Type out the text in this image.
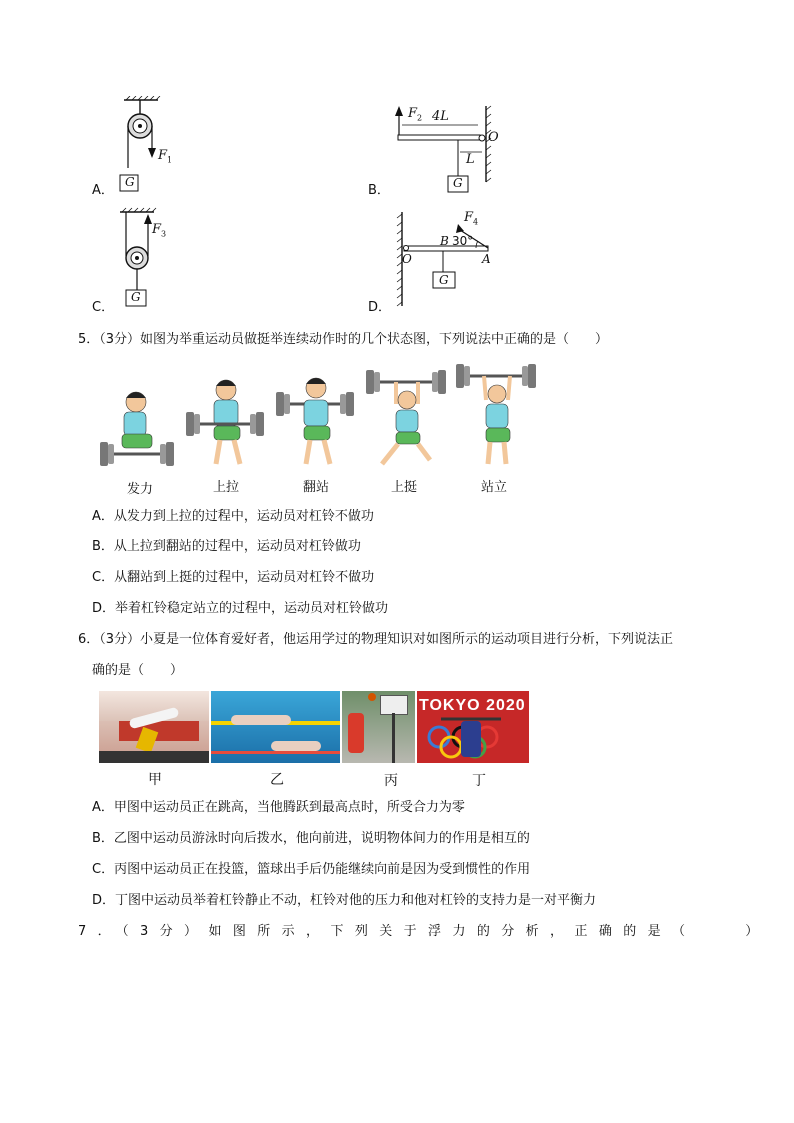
G
$F_1$
A．
$F_2$ 4L
O
L
G
B．
$F_3$
G
C．
$F_4$
B 30°
O	A
G
D．
5．（3分）如图为举重运动员做挺举连续动作时的几个状态图，下列说法中正确的是（　　）
发力	上拉	翻站	上挺	站立
A．从发力到上拉的过程中，运动员对杠铃不做功
B．从上拉到翻站的过程中，运动员对杠铃做功
C．从翻站到上挺的过程中，运动员对杠铃不做功
D．举着杠铃稳定站立的过程中，运动员对杠铃做功
6．（3分）小夏是一位体育爱好者，他运用学过的物理知识对如图所示的运动项目进行分析，下列说法正
确的是（　　）
TOKYO 2020
甲	乙	丙	丁
A．甲图中运动员正在跳高，当他腾跃到最高点时，所受合力为零
B．乙图中运动员游泳时向后拨水，他向前进，说明物体间力的作用是相互的
C．丙图中运动员正在投篮，篮球出手后仍能继续向前是因为受到惯性的作用
D．丁图中运动员举着杠铃静止不动，杠铃对他的压力和他对杠铃的支持力是一对平衡力
7．（3分）如图所示，下列关于浮力的分析，正确的是（　　）
